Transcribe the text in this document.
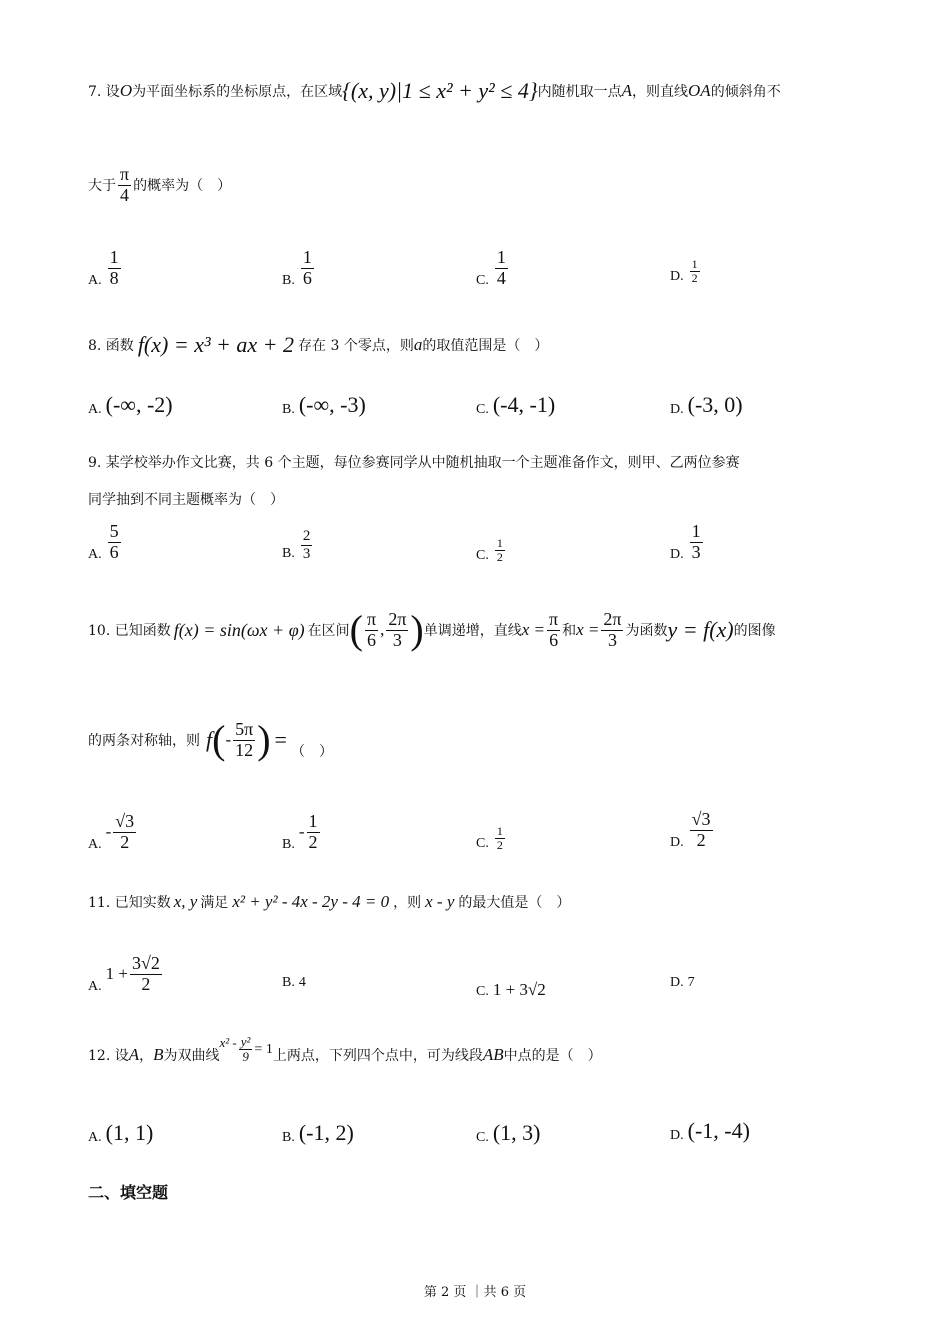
7. 设 O 为平面坐标系的坐标原点，在区域 {(x, y)|1 ≤ x² + y² ≤ 4} 内随机取一点 A ，则直线 OA 的倾斜角不
大于 $\frac{\pi}{4}$ 的概率为（　）
A. $\frac{1}{8}$	B. $\frac{1}{6}$	C. $\frac{1}{4}$	D. $\frac{1}{2}$
8. 函数 f(x) = x³ + ax + 2 存在 3 个零点，则 a 的取值范围是（　）
A. (-∞, -2)	B. (-∞, -3)	C. (-4, -1)	D. (-3, 0)
9. 某学校举办作文比赛，共 6 个主题，每位参赛同学从中随机抽取一个主题准备作文，则甲、乙两位参赛
同学抽到不同主题概率为（　）
A. $\frac{5}{6}$	B. $\frac{2}{3}$	C. $\frac{1}{2}$	D. $\frac{1}{3}$
10. 已知函数 f(x) = sin(ωx + φ) 在区间 ( $\frac{\pi}{6}$ , $\frac{2\pi}{3}$ ) 单调递增，直线 $x = \frac{\pi}{6}$ 和 $x = \frac{2\pi}{3}$ 为函数 y = f(x) 的图像
的两条对称轴，则 f ( - $\frac{5\pi}{12}$ ) = （　）
A.
- $\frac{√3}{2}$	B.
- $\frac{1}{2}$	C. $\frac{1}{2}$	D. $\frac{√3}{2}$
11. 已知实数 x, y 满足 x² + y² - 4x - 2y - 4 = 0 ，则 x - y 的最大值是（　）
A.
$1 + \frac{3√2}{2}$	B. 4
C. 1 + 3√2	D. 7
12. 设 A ， B 为双曲线
$x^2 - \frac{\text{y²}}{9} = 1$ 上两点，下列四个点中，可为线段 AB 中点的是（　）
A. (1, 1)	B. (-1, 2)	C. (1, 3)	D. (-1, -4)
二、填空题
第 2 页 ｜共 6 页
